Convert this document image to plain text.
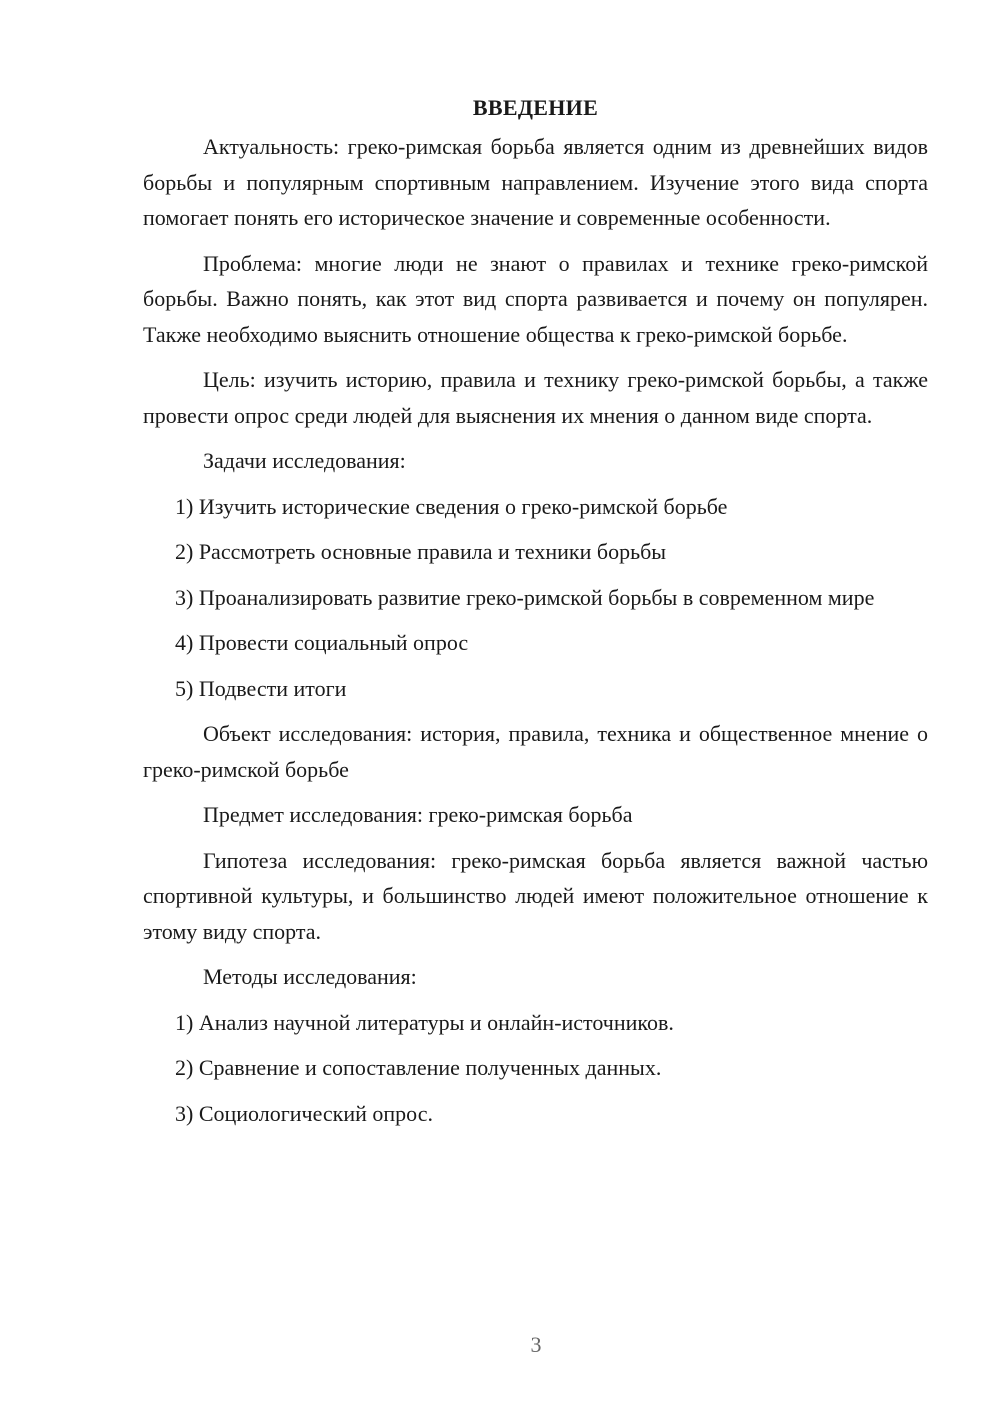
ВВЕДЕНИЕ

Актуальность: греко-римская борьба является одним из древнейших видов борьбы и популярным спортивным направлением. Изучение этого вида спорта помогает понять его историческое значение и современные особенности.

Проблема: многие люди не знают о правилах и технике греко-римской борьбы. Важно понять, как этот вид спорта развивается и почему он популярен. Также необходимо выяснить отношение общества к греко-римской борьбе.

Цель: изучить историю, правила и технику греко-римской борьбы, а также провести опрос среди людей для выяснения их мнения о данном виде спорта.

Задачи исследования:

1) Изучить исторические сведения о греко-римской борьбе

2) Рассмотреть основные правила и техники борьбы

3) Проанализировать развитие греко-римской борьбы в современном мире

4) Провести социальный опрос

5) Подвести итоги

Объект исследования: история, правила, техника и общественное мнение о греко-римской борьбе

Предмет исследования: греко-римская борьба

Гипотеза исследования: греко-римская борьба является важной частью спортивной культуры, и большинство людей имеют положительное отношение к этому виду спорта.

Методы исследования:

1) Анализ научной литературы и онлайн-источников.

2) Сравнение и сопоставление полученных данных.

3) Социологический опрос.

3
